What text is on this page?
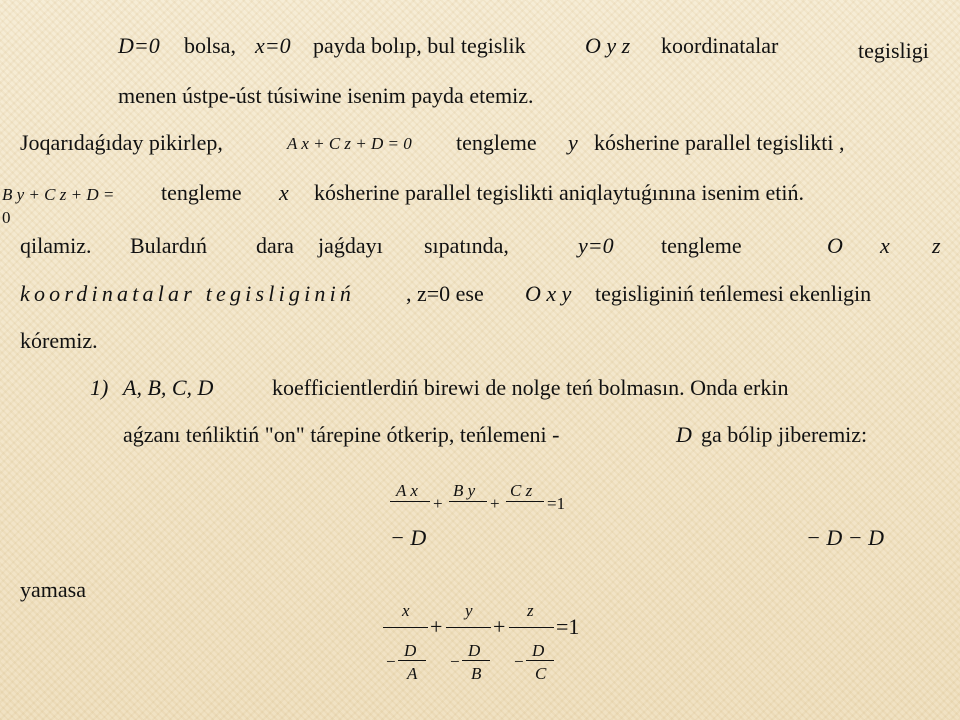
D=0 bolsa, x=0 payda bolıp, bul tegislik	O y z koordinatalar	tegisligi
menen ústpe-úst túsiwine isenim payda etemiz.
Joqarıdaǵıday pikirlep,	A x + C z + D = 0 tengleme y kósherine parallel tegislikti ,
B y + C z + D =
0
tengleme x kósherine parallel tegislikti aniqlaytuǵınına isenim etiń.
qilamiz. Bulardıń dara jaǵdayı sıpatında,	y=0 tengleme	O x z
koordinatalar tegisliginiń , z=0 ese O x y tegisliginiń teńlemesi ekenligin
kóremiz.
1) A, B, C, D	koefficientlerdiń birewi de nolge teń bolmasın. Onda erkin
aǵzanı teńliktiń "on" tárepine ótkerip, teńlemeni -	D ga bólip jiberemiz:
A x
+
B y
+
C z
=1
− D	− D − D
yamasa
x
+
y
+
z
=1
D
−
A
D
−
B
D
−
C
